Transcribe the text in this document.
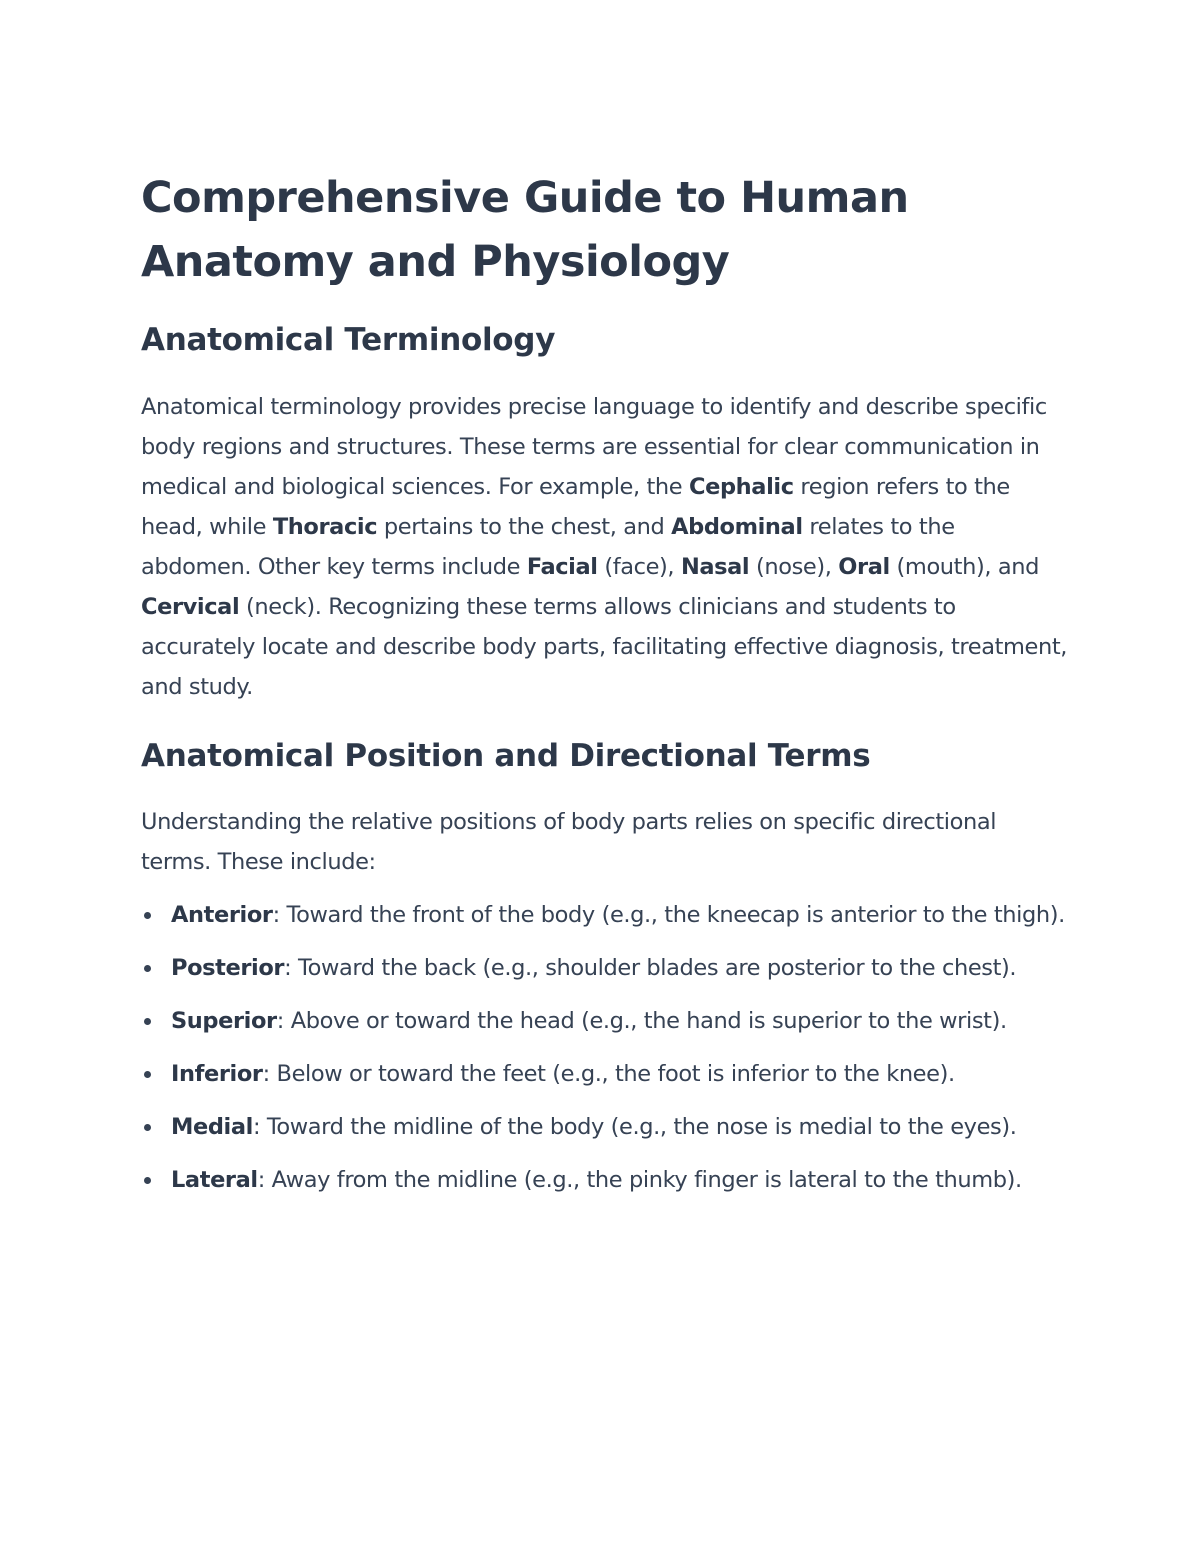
Comprehensive Guide to Human Anatomy and Physiology
Anatomical Terminology

Anatomical terminology provides precise language to identify and describe specific body regions and structures. These terms are essential for clear communication in medical and biological sciences. For example, the Cephalic region refers to the head, while Thoracic pertains to the chest, and Abdominal relates to the abdomen. Other key terms include Facial (face), Nasal (nose), Oral (mouth), and Cervical (neck). Recognizing these terms allows clinicians and students to accurately locate and describe body parts, facilitating effective diagnosis, treatment, and study.

Anatomical Position and Directional Terms

Understanding the relative positions of body parts relies on specific directional terms. These include:

Anterior: Toward the front of the body (e.g., the kneecap is anterior to the thigh).
Posterior: Toward the back (e.g., shoulder blades are posterior to the chest).
Superior: Above or toward the head (e.g., the hand is superior to the wrist).
Inferior: Below or toward the feet (e.g., the foot is inferior to the knee).
Medial: Toward the midline of the body (e.g., the nose is medial to the eyes).
Lateral: Away from the midline (e.g., the pinky finger is lateral to the thumb).
